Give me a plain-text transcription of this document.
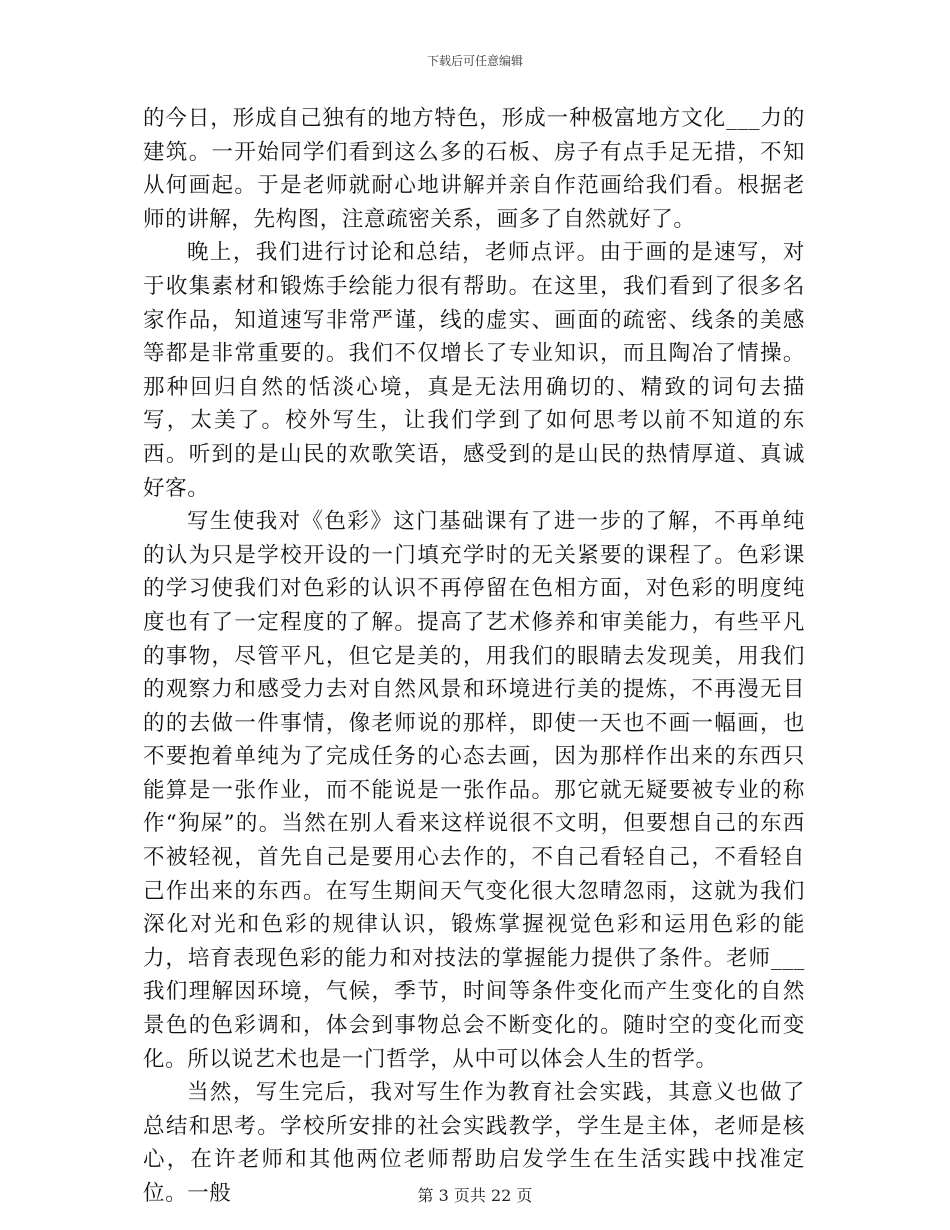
下载后可任意编辑

的今日，形成自己独有的地方特色，形成一种极富地方文化___力的建筑。一开始同学们看到这么多的石板、房子有点手足无措，不知从何画起。于是老师就耐心地讲解并亲自作范画给我们看。根据老师的讲解，先构图，注意疏密关系，画多了自然就好了。

晚上，我们进行讨论和总结，老师点评。由于画的是速写，对于收集素材和锻炼手绘能力很有帮助。在这里，我们看到了很多名家作品，知道速写非常严谨，线的虚实、画面的疏密、线条的美感等都是非常重要的。我们不仅增长了专业知识，而且陶冶了情操。那种回归自然的恬淡心境，真是无法用确切的、精致的词句去描写，太美了。校外写生，让我们学到了如何思考以前不知道的东西。听到的是山民的欢歌笑语，感受到的是山民的热情厚道、真诚好客。

写生使我对《色彩》这门基础课有了进一步的了解，不再单纯的认为只是学校开设的一门填充学时的无关紧要的课程了。色彩课的学习使我们对色彩的认识不再停留在色相方面，对色彩的明度纯度也有了一定程度的了解。提高了艺术修养和审美能力，有些平凡的事物，尽管平凡，但它是美的，用我们的眼睛去发现美，用我们的观察力和感受力去对自然风景和环境进行美的提炼，不再漫无目的的去做一件事情，像老师说的那样，即使一天也不画一幅画，也不要抱着单纯为了完成任务的心态去画，因为那样作出来的东西只能算是一张作业，而不能说是一张作品。那它就无疑要被专业的称作“狗屎”的。当然在别人看来这样说很不文明，但要想自己的东西不被轻视，首先自己是要用心去作的，不自己看轻自己，不看轻自己作出来的东西。在写生期间天气变化很大忽晴忽雨，这就为我们深化对光和色彩的规律认识，锻炼掌握视觉色彩和运用色彩的能力，培育表现色彩的能力和对技法的掌握能力提供了条件。老师___我们理解因环境，气候，季节，时间等条件变化而产生变化的自然景色的色彩调和，体会到事物总会不断变化的。随时空的变化而变化。所以说艺术也是一门哲学，从中可以体会人生的哲学。

当然，写生完后，我对写生作为教育社会实践，其意义也做了总结和思考。学校所安排的社会实践教学，学生是主体，老师是核心，在许老师和其他两位老师帮助启发学生在生活实践中找准定位。一般	第 3 页共 22 页
